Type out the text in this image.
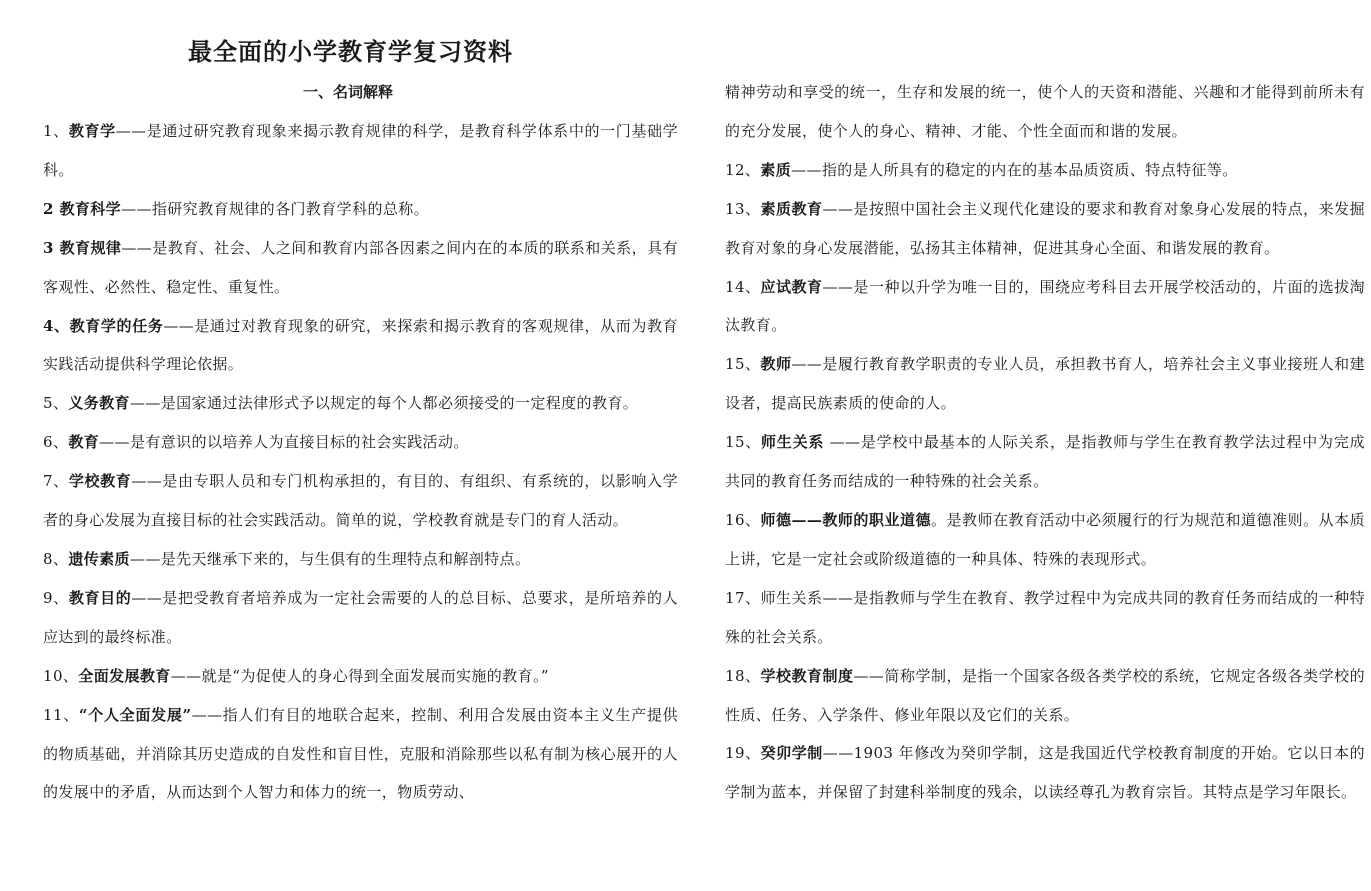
最全面的小学教育学复习资料
一、名词解释

1、教育学——是通过研究教育现象来揭示教育规律的科学，是教育科学体系中的一门基础学科。

2 教育科学——指研究教育规律的各门教育学科的总称。

3 教育规律——是教育、社会、人之间和教育内部各因素之间内在的本质的联系和关系，具有客观性、必然性、稳定性、重复性。

4、教育学的任务——是通过对教育现象的研究，来探索和揭示教育的客观规律，从而为教育实践活动提供科学理论依据。

5、义务教育——是国家通过法律形式予以规定的每个人都必须接受的一定程度的教育。

6、教育——是有意识的以培养人为直接目标的社会实践活动。

7、学校教育——是由专职人员和专门机构承担的，有目的、有组织、有系统的，以影响入学者的身心发展为直接目标的社会实践活动。简单的说，学校教育就是专门的育人活动。

8、遗传素质——是先天继承下来的，与生俱有的生理特点和解剖特点。

9、教育目的——是把受教育者培养成为一定社会需要的人的总目标、总要求，是所培养的人应达到的最终标准。

10、全面发展教育——就是“为促使人的身心得到全面发展而实施的教育。”

11、“个人全面发展”——指人们有目的地联合起来，控制、利用合发展由资本主义生产提供的物质基础，并消除其历史造成的自发性和盲目性，克服和消除那些以私有制为核心展开的人的发展中的矛盾，从而达到个人智力和体力的统一，物质劳动、

精神劳动和享受的统一，生存和发展的统一，使个人的天资和潜能、兴趣和才能得到前所未有的充分发展，使个人的身心、精神、才能、个性全面而和谐的发展。

12、素质——指的是人所具有的稳定的内在的基本品质资质、特点特征等。

13、素质教育——是按照中国社会主义现代化建设的要求和教育对象身心发展的特点，来发掘教育对象的身心发展潜能，弘扬其主体精神，促进其身心全面、和谐发展的教育。

14、应试教育——是一种以升学为唯一目的，围绕应考科目去开展学校活动的，片面的选拔淘汰教育。

15、教师——是履行教育教学职责的专业人员，承担教书育人，培养社会主义事业接班人和建设者，提高民族素质的使命的人。

15、师生关系 ——是学校中最基本的人际关系，是指教师与学生在教育教学法过程中为完成共同的教育任务而结成的一种特殊的社会关系。

16、师德——教师的职业道德。是教师在教育活动中必须履行的行为规范和道德准则。从本质上讲，它是一定社会或阶级道德的一种具体、特殊的表现形式。

17、师生关系——是指教师与学生在教育、教学过程中为完成共同的教育任务而结成的一种特殊的社会关系。

18、学校教育制度——简称学制，是指一个国家各级各类学校的系统，它规定各级各类学校的性质、任务、入学条件、修业年限以及它们的关系。

19、癸卯学制——1903 年修改为癸卯学制，这是我国近代学校教育制度的开始。它以日本的学制为蓝本，并保留了封建科举制度的残余，以读经尊孔为教育宗旨。其特点是学习年限长。
